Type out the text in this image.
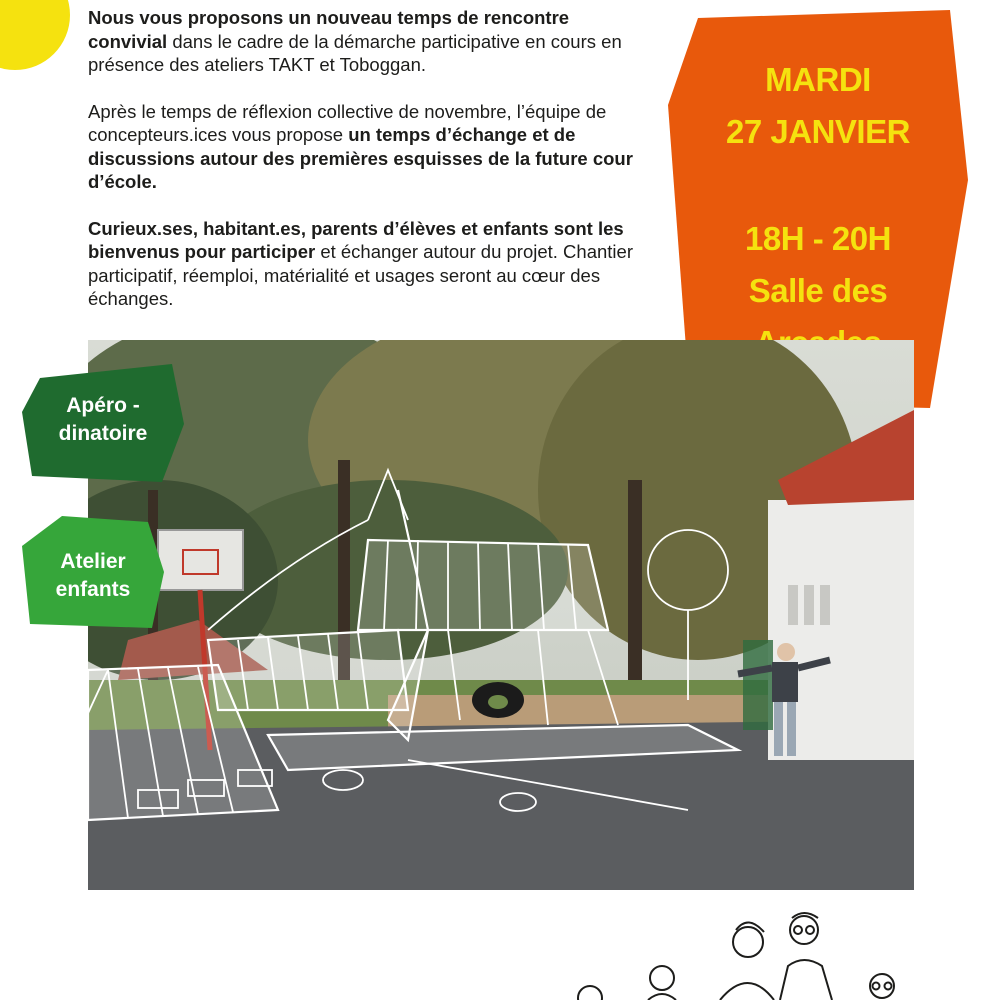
Nous vous proposons un nouveau temps de rencontre convivial dans le cadre de la démarche participative en cours en présence des ateliers TAKT et Toboggan.

Après le temps de réflexion collective de novembre, l’équipe de concepteurs.ices vous propose un temps d’échange et de discussions autour des premières esquisses de la future cour d’école.

Curieux.ses, habitant.es, parents d’élèves et enfants sont les bienvenus pour participer et échanger autour du projet. Chantier participatif, réemploi, matérialité et usages seront au cœur des échanges.

MARDI
27 JANVIER
18H - 20H
Salle des
Apéro -
dinatoire
Atelier
enfants
